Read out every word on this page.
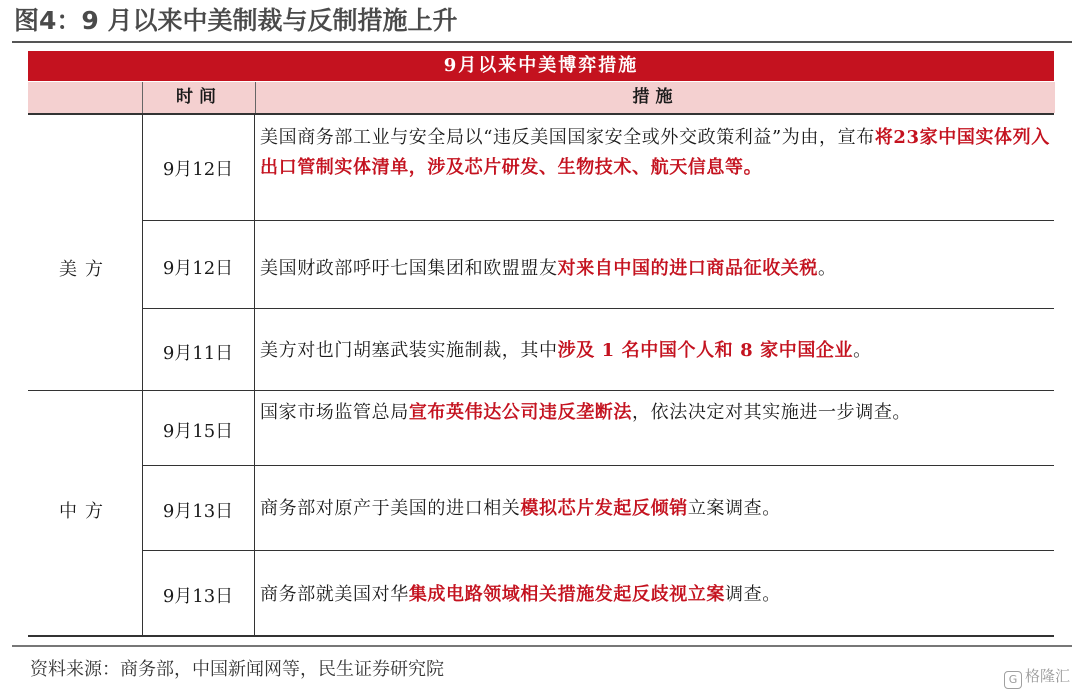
图4：9 月以来中美制裁与反制措施上升
9月以来中美博弈措施
时间	措施
美方
中方
9月12日
9月12日
9月11日
9月15日
9月13日
9月13日
美国商务部工业与安全局以“违反美国国家安全或外交政策利益”为由，宣布将23家中国实体列入出口管制实体清单，涉及芯片研发、生物技术、航天信息等。
美国财政部呼吁七国集团和欧盟盟友对来自中国的进口商品征收关税。
美方对也门胡塞武装实施制裁，其中涉及 1 名中国个人和 8 家中国企业。
国家市场监管总局宣布英伟达公司违反垄断法，依法决定对其实施进一步调查。
商务部对原产于美国的进口相关模拟芯片发起反倾销立案调查。
商务部就美国对华集成电路领域相关措施发起反歧视立案调查。
资料来源：商务部，中国新闻网等，民生证券研究院	G 格隆汇
